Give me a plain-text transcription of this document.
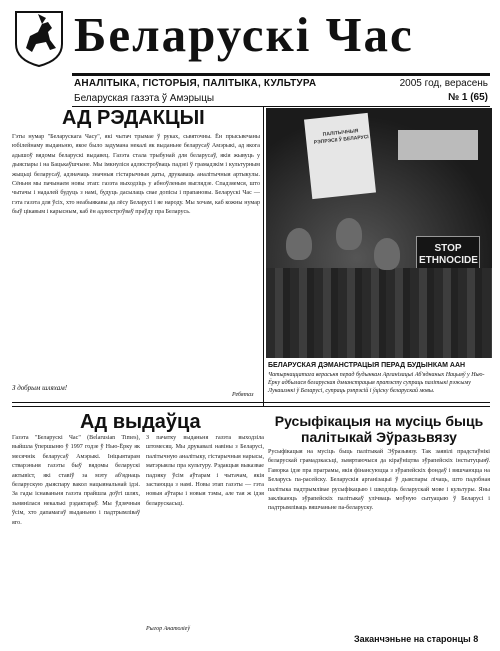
Беларускі Час
АНАЛІТЫКА, ГІСТОРЫЯ, ПАЛІТЫКА, КУЛЬТУРА
Беларуская газэта ў Амэрыцы
2005 год, верасень
№ 1 (65)
АД РЭДАКЦЫІ
Гэты нумар "Беларускага Часу", які чытач трымае ў руках, сьвяточны. Ён прысьвечаны юбілейнаму выданьню, якое было задумана некалі як выданьне беларусаў Амэрыкі, ад якога адышоў вядомы беларускі выдавец. Газэта стала трыбунай для беларусаў, якія жывуць у дыяспары і на Бацькаўшчыне. Мы імкнуліся адлюстроўваць падзеі ў грамадзкім і культурным жыцьці беларусаў, адзначаць значныя гістарычныя даты, друкаваць аналітычныя артыкулы. Сёньня мы пачынаем новы этап: газэта выходзіць у абноўленым выглядзе. Спадзяемся, што чытачы і надалей будуць з намі, будуць дасылаць свае допісы і прапановы. Беларускі Час — гэта газэта для ўсіх, хто неабыякавы да лёсу Беларусі і яе народу. Мы хочам, каб кожны нумар быў цікавым і карысным, каб ён адлюстроўваў праўду пра Беларусь.
З добрым шляхам!
ПАЛІТЫЧНЫЯ РЭПРЭСІІ Ў БЕЛАРУСІ
STOP ETHNOCIDE
Ребятаз
БЕЛАРУСКАЯ ДЭМАНСТРАЦЫЯ ПЕРАД БУДЫНКАМ ААН
Чатырнаццатага верасьня перад будынкам Арганізацыі Аб'яднаных Нацыяў у Нью-Ёрку адбылася беларуская дэманстрацыя пратэсту супраць палітыкі рэжыму Лукашэнкі ў Беларусі, супраць рэпрэсій і ўціску беларускай мовы.
Ад выдаўца
Газэта "Беларускі Час" (Belarusian Times), выйшла ўпершыню ў 1997 годзе ў Нью-Ёрку як месячнік беларусаў Амэрыкі. Ініцыятарам стварэньня газэты быў вядомы беларускі актывіст, які ставіў за мэту аб'яднаць беларускую дыяспару вакол нацыянальнай ідэі. За гады існаваньня газэта прайшла доўгі шлях, зьмянілася некалькі рэдактараў. Мы ўдзячныя ўсім, хто дапамагаў выданьню і падтрымліваў яго.
З пачатку выданьня газэта выходзіла штомесяц. Мы друкавалі навіны з Беларусі, палітычную аналітыку, гістарычныя нарысы, матэрыялы пра культуру. Рэдакцыя выказвае падзяку ўсім аўтарам і чытачам, якія застаюцца з намі. Новы этап газэты — гэта новыя аўтары і новыя тэмы, але тая ж ідэя беларускасьці.
Рыгор Анатоліеў
Русыфікацыя на мусіць быць палітыкай Эўразьвязу
Русыфікацыя на мусіць быць палітыкай Эўразьвязу. Так заявілі прадстаўнікі беларускай грамадзкасьці, зьвяртаючыся да кіраўніцтва эўрапейскіх інстытуцыяў. Гаворка ідзе пра праграмы, якія фінансуюцца з эўрапейскіх фондаў і вяшчаюцца на Беларусь па-расейску. Беларускія арганізацыі ў дыяспары лічаць, што падобная палітыка падтрымлівае русыфікацыю і шкодзіць беларускай мове і культуры. Яны заклікаюць эўрапейскіх палітыкаў улічваць моўную сытуацыю ў Беларусі і падтрымліваць вяшчаньне па-беларуску.
Заканчэньне на старонцы 8
